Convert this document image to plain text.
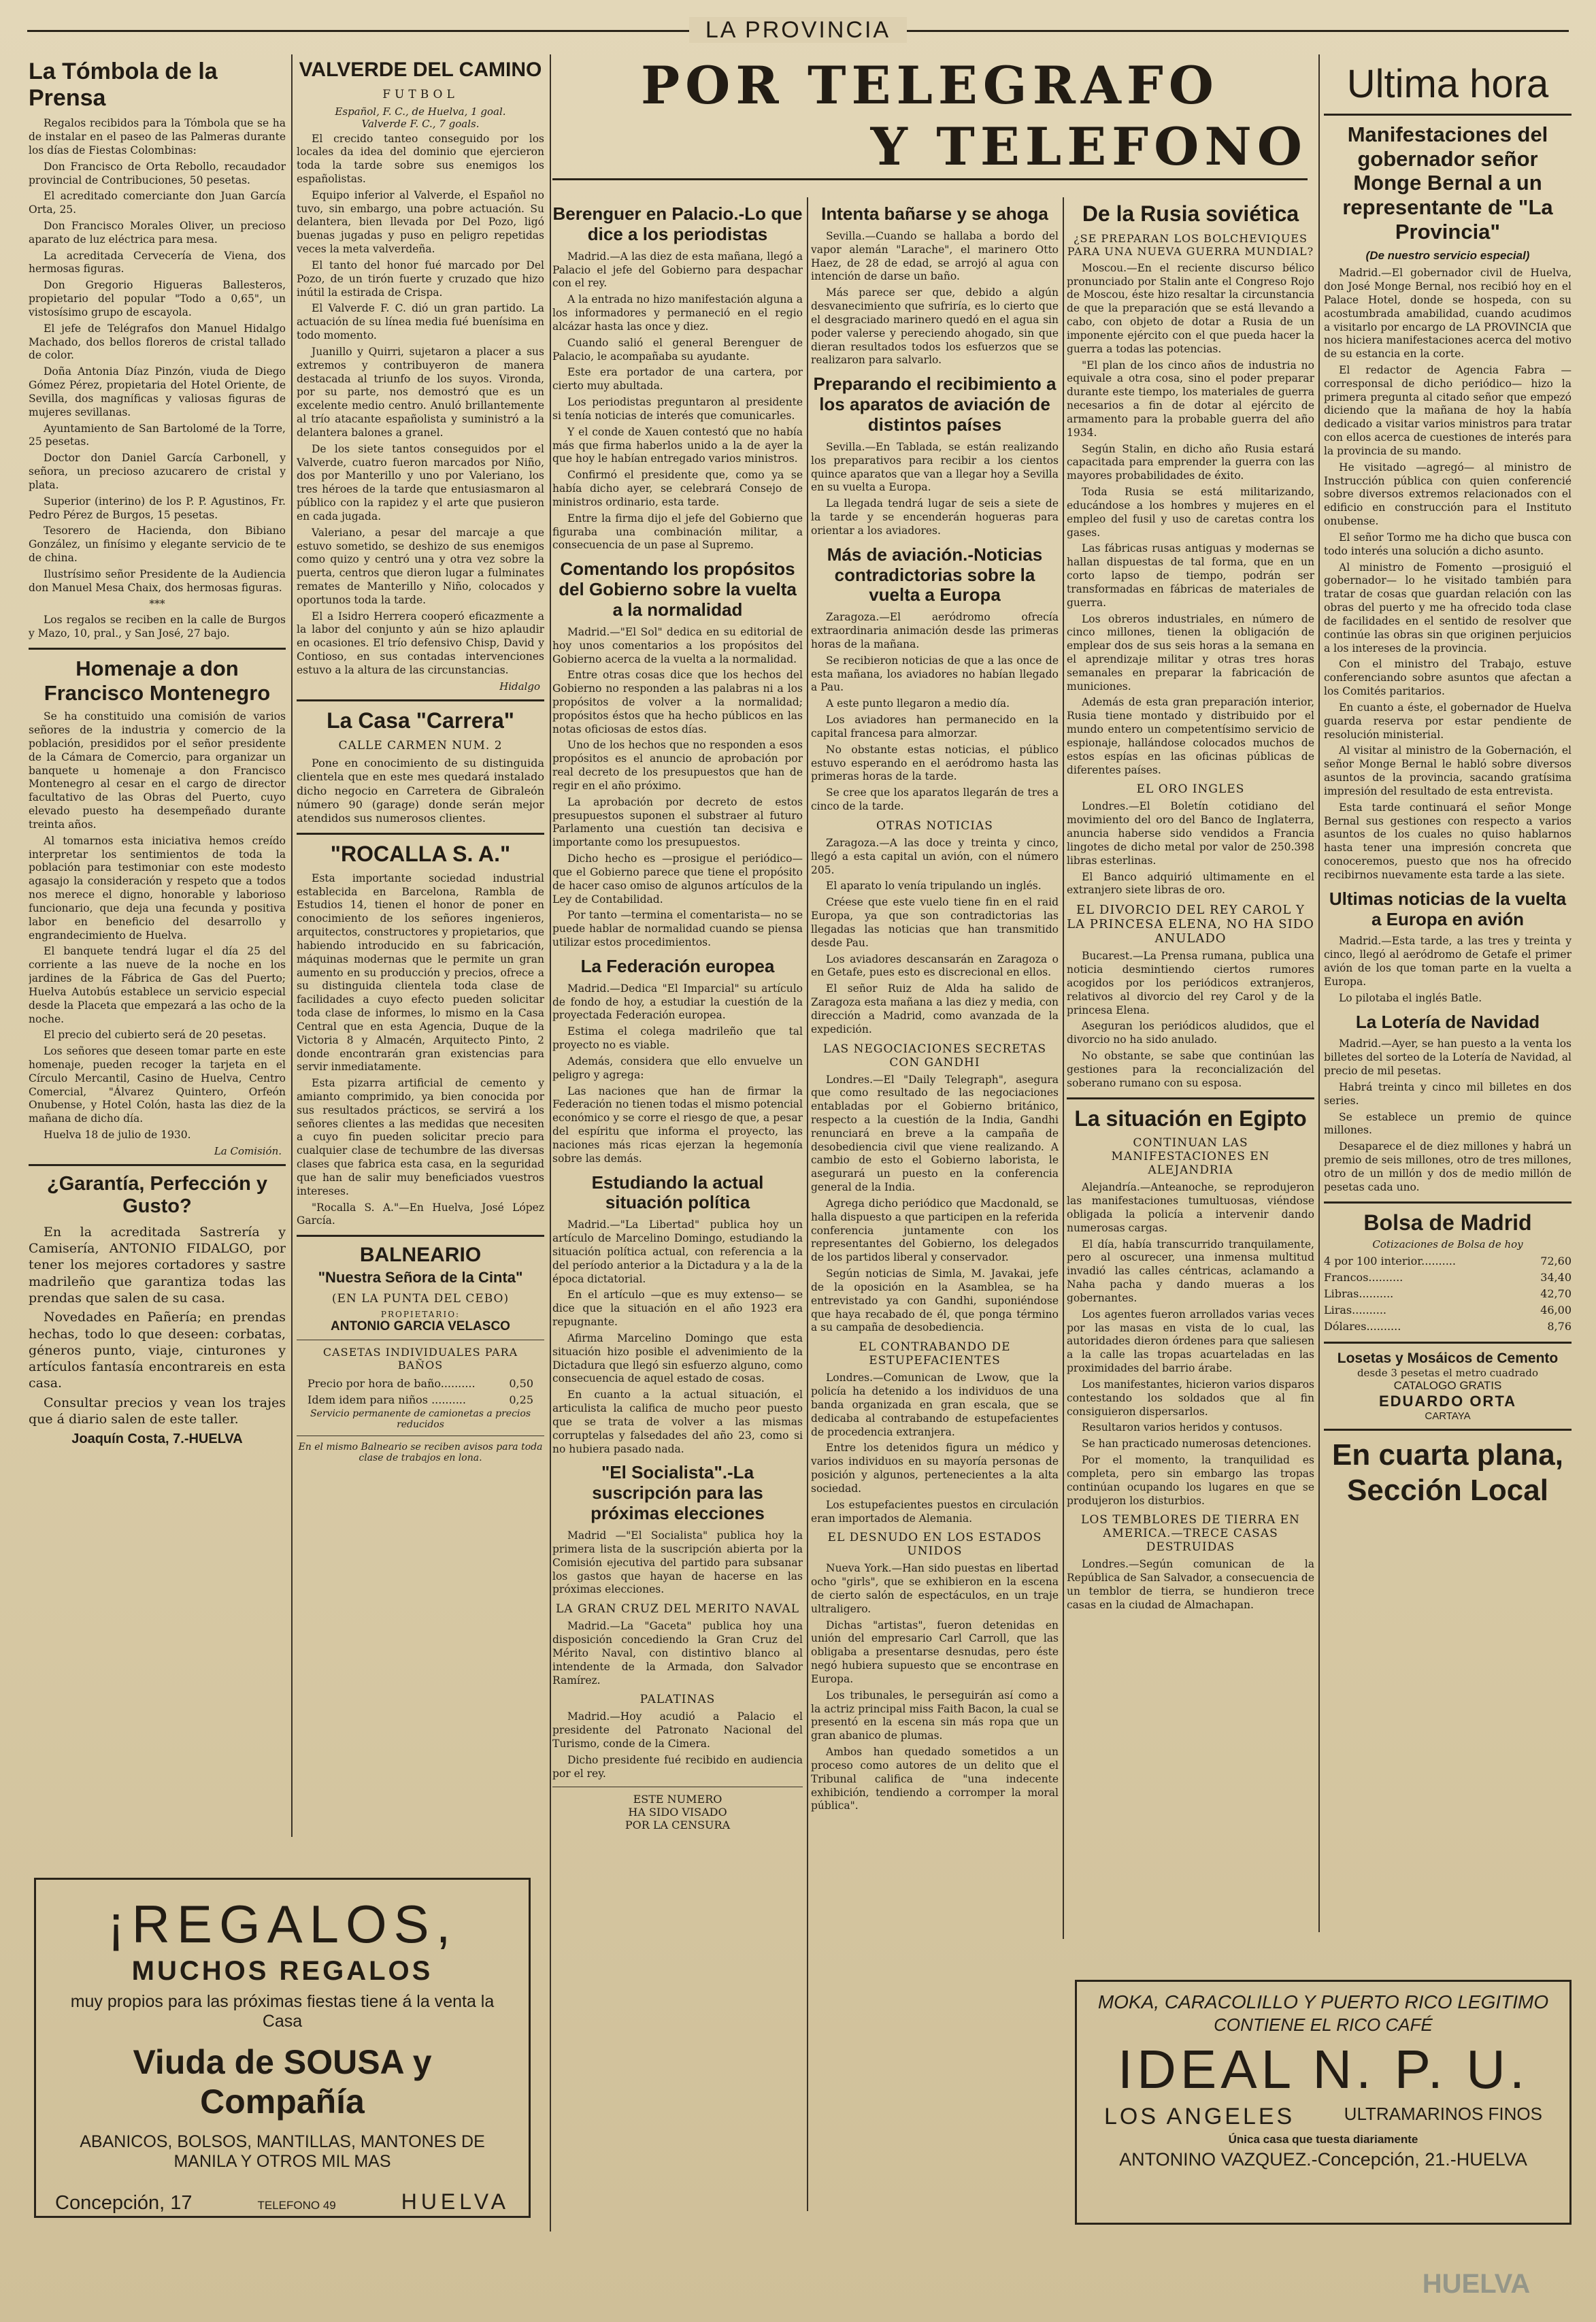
LA PROVINCIA
La Tómbola de la Prensa

Regalos recibidos para la Tómbola que se ha de instalar en el paseo de las Palmeras durante los días de Fiestas Colombinas:

Don Francisco de Orta Rebollo, recaudador provincial de Contribuciones, 50 pesetas.

El acreditado comerciante don Juan García Orta, 25.

Don Francisco Morales Oliver, un precioso aparato de luz eléctrica para mesa.

La acreditada Cervecería de Viena, dos hermosas figuras.

Don Gregorio Higueras Ballesteros, propietario del popular "Todo a 0,65", un vistosísimo grupo de escayola.

El jefe de Telégrafos don Manuel Hidalgo Machado, dos bellos floreros de cristal tallado de color.

Doña Antonia Díaz Pinzón, viuda de Diego Gómez Pérez, propietaria del Hotel Oriente, de Sevilla, dos magníficas y valiosas figuras de mujeres sevillanas.

Ayuntamiento de San Bartolomé de la Torre, 25 pesetas.

Doctor don Daniel García Carbonell, y señora, un precioso azucarero de cristal y plata.

Superior (interino) de los P. P. Agustinos, Fr. Pedro Pérez de Burgos, 15 pesetas.

Tesorero de Hacienda, don Bibiano González, un finísimo y elegante servicio de te de china.

Ilustrísimo señor Presidente de la Audiencia don Manuel Mesa Chaix, dos hermosas figuras.

***

Los regalos se reciben en la calle de Burgos y Mazo, 10, pral., y San José, 27 bajo.

Homenaje a don Francisco Montenegro

Se ha constituido una comisión de varios señores de la industria y comercio de la población, presididos por el señor presidente de la Cámara de Comercio, para organizar un banquete u homenaje a don Francisco Montenegro al cesar en el cargo de director facultativo de las Obras del Puerto, cuyo elevado puesto ha desempeñado durante treinta años.

Al tomarnos esta iniciativa hemos creído interpretar los sentimientos de toda la población para testimoniar con este modesto agasajo la consideración y respeto que a todos nos merece el digno, honorable y laborioso funcionario, que deja una fecunda y positiva labor en beneficio del desarrollo y engrandecimiento de Huelva.

El banquete tendrá lugar el día 25 del corriente a las nueve de la noche en los jardines de la Fábrica de Gas del Puerto; Huelva Autobús establece un servicio especial desde la Placeta que empezará a las ocho de la noche.

El precio del cubierto será de 20 pesetas.

Los señores que deseen tomar parte en este homenaje, pueden recoger la tarjeta en el Círculo Mercantil, Casino de Huelva, Centro Comercial, "Álvarez Quintero, Orfeón Onubense, y Hotel Colón, hasta las diez de la mañana de dicho día.

Huelva 18 de julio de 1930.

La Comisión.
¿Garantía, Perfección y Gusto?

En la acreditada Sastrería y Camisería, ANTONIO FIDALGO, por tener los mejores cortadores y sastre madrileño que garantiza todas las prendas que salen de su casa.

Novedades en Pañería; en prendas hechas, todo lo que deseen: corbatas, géneros punto, viaje, cinturones y artículos fantasía encontrareis en esta casa.

Consultar precios y vean los trajes que á diario salen de este taller.

Joaquín Costa, 7.-HUELVA
VALVERDE DEL CAMINO
FUTBOL
Español, F. C., de Huelva, 1 goal.
Valverde F. C., 7 goals.

El crecido tanteo conseguido por los locales da idea del dominio que ejercieron toda la tarde sobre sus enemigos los españolistas.

Equipo inferior al Valverde, el Español no tuvo, sin embargo, una pobre actuación. Su delantera, bien llevada por Del Pozo, ligó buenas jugadas y puso en peligro repetidas veces la meta valverdeña.

El tanto del honor fué marcado por Del Pozo, de un tirón fuerte y cruzado que hizo inútil la estirada de Crispa.

El Valverde F. C. dió un gran partido. La actuación de su línea media fué buenísima en todo momento.

Juanillo y Quirri, sujetaron a placer a sus extremos y contribuyeron de manera destacada al triunfo de los suyos. Vironda, por su parte, nos demostró que es un excelente medio centro. Anuló brillantemente al trío atacante españolista y suministró a la delantera balones a granel.

De los siete tantos conseguidos por el Valverde, cuatro fueron marcados por Niño, dos por Manterillo y uno por Valeriano, los tres héroes de la tarde que entusiasmaron al público con la rapidez y el arte que pusieron en cada jugada.

Valeriano, a pesar del marcaje a que estuvo sometido, se deshizo de sus enemigos como quizo y centró una y otra vez sobre la puerta, centros que dieron lugar a fulminates remates de Manterillo y Niño, colocados y oportunos toda la tarde.

El a Isidro Herrera cooperó eficazmente a la labor del conjunto y aún se hizo aplaudir en ocasiones. El trío defensivo Chisp, David y Contioso, en sus contadas intervenciones estuvo a la altura de las circunstancias.

Hidalgo
La Casa "Carrera"
CALLE CARMEN NUM. 2

Pone en conocimiento de su distinguida clientela que en este mes quedará instalado dicho negocio en Carretera de Gibraleón número 90 (garage) donde serán mejor atendidos sus numerosos clientes.

"ROCALLA S. A."

Esta importante sociedad industrial establecida en Barcelona, Rambla de Estudios 14, tienen el honor de poner en conocimiento de los señores ingenieros, arquitectos, constructores y propietarios, que habiendo introducido en su fabricación, máquinas modernas que le permite un gran aumento en su producción y precios, ofrece a su distinguida clientela toda clase de facilidades a cuyo efecto pueden solicitar toda clase de informes, lo mismo en la Casa Central que en esta Agencia, Duque de la Victoria 8 y Almacén, Arquitecto Pinto, 2 donde encontrarán gran existencias para servir inmediatamente.

Esta pizarra artificial de cemento y amianto comprimido, ya bien conocida por sus resultados prácticos, se servirá a los señores clientes a las medidas que necesiten a cuyo fin pueden solicitar precio para cualquier clase de techumbre de las diversas clases que fabrica esta casa, en la seguridad que han de salir muy beneficiados vuestros intereses.

"Rocalla S. A."—En Huelva, José López García.

BALNEARIO
"Nuestra Señora de la Cinta"
(EN LA PUNTA DEL CEBO)
PROPIETARIO:
ANTONIO GARCIA VELASCO
CASETAS INDIVIDUALES PARA BAÑOS
Precio por hora de baño..........	0,50
Idem idem para niños ..........	0,25
Servicio permanente de camionetas a precios reducidos
En el mismo Balneario se reciben avisos para toda clase de trabajos en lona.
¡REGALOS,
MUCHOS REGALOS
muy propios para las próximas fiestas tiene á la venta la Casa
Viuda de SOUSA y Compañía
ABANICOS, BOLSOS, MANTILLAS, MANTONES DE MANILA Y OTROS MIL MAS
Concepción, 17	TELEFONO 49	HUELVA
POR TELEGRAFO
Y TELEFONO
Berenguer en Palacio.-Lo que dice a los periodistas

Madrid.—A las diez de esta mañana, llegó a Palacio el jefe del Gobierno para despachar con el rey.

A la entrada no hizo manifestación alguna a los informadores y permaneció en el regio alcázar hasta las once y diez.

Cuando salió el general Berenguer de Palacio, le acompañaba su ayudante.

Este era portador de una cartera, por cierto muy abultada.

Los periodistas preguntaron al presidente si tenía noticias de interés que comunicarles.

Y el conde de Xauen contestó que no había más que firma haberlos unido a la de ayer la que hoy le habían entregado varios ministros.

Confirmó el presidente que, como ya se había dicho ayer, se celebrará Consejo de ministros ordinario, esta tarde.

Entre la firma dijo el jefe del Gobierno que figuraba una combinación militar, a consecuencia de un pase al Supremo.

Comentando los propósitos del Gobierno sobre la vuelta a la normalidad

Madrid.—"El Sol" dedica en su editorial de hoy unos comentarios a los propósitos del Gobierno acerca de la vuelta a la normalidad.

Entre otras cosas dice que los hechos del Gobierno no responden a las palabras ni a los propósitos de volver a la normalidad; propósitos éstos que ha hecho públicos en las notas oficiosas de estos días.

Uno de los hechos que no responden a esos propósitos es el anuncio de aprobación por real decreto de los presupuestos que han de regir en el año próximo.

La aprobación por decreto de estos presupuestos suponen el substraer al futuro Parlamento una cuestión tan decisiva e importante como los presupuestos.

Dicho hecho es —prosigue el periódico— que el Gobierno parece que tiene el propósito de hacer caso omiso de algunos artículos de la Ley de Contabilidad.

Por tanto —termina el comentarista— no se puede hablar de normalidad cuando se piensa utilizar estos procedimientos.

La Federación europea

Madrid.—Dedica "El Imparcial" su artículo de fondo de hoy, a estudiar la cuestión de la proyectada Federación europea.

Estima el colega madrileño que tal proyecto no es viable.

Además, considera que ello envuelve un peligro y agrega:

Las naciones que han de firmar la Federación no tienen todas el mismo potencial económico y se corre el riesgo de que, a pesar del espíritu que informa el proyecto, las naciones más ricas ejerzan la hegemonía sobre las demás.

Estudiando la actual situación política

Madrid.—"La Libertad" publica hoy un artículo de Marcelino Domingo, estudiando la situación política actual, con referencia a la del período anterior a la Dictadura y a la de la época dictatorial.

En el artículo —que es muy extenso— se dice que la situación en el año 1923 era repugnante.

Afirma Marcelino Domingo que esta situación hizo posible el advenimiento de la Dictadura que llegó sin esfuerzo alguno, como consecuencia de aquel estado de cosas.

En cuanto a la actual situación, el articulista la califica de mucho peor puesto que se trata de volver a las mismas corruptelas y falsedades del año 23, como si no hubiera pasado nada.

"El Socialista".-La suscripción para las próximas elecciones

Madrid —"El Socialista" publica hoy la primera lista de la suscripción abierta por la Comisión ejecutiva del partido para subsanar los gastos que hayan de hacerse en las próximas elecciones.

LA GRAN CRUZ DEL MERITO NAVAL

Madrid.—La "Gaceta" publica hoy una disposición concediendo la Gran Cruz del Mérito Naval, con distintivo blanco al intendente de la Armada, don Salvador Ramírez.

PALATINAS

Madrid.—Hoy acudió a Palacio el presidente del Patronato Nacional del Turismo, conde de la Cimera.

Dicho presidente fué recibido en audiencia por el rey.

ESTE NUMERO
HA SIDO VISADO
POR LA CENSURA
Intenta bañarse y se ahoga

Sevilla.—Cuando se hallaba a bordo del vapor alemán "Larache", el marinero Otto Haez, de 28 de edad, se arrojó al agua con intención de darse un baño.

Más parece ser que, debido a algún desvanecimiento que sufriría, es lo cierto que el desgraciado marinero quedó en el agua sin poder valerse y pereciendo ahogado, sin que dieran resultados todos los esfuerzos que se realizaron para salvarlo.

Preparando el recibimiento a los aparatos de aviación de distintos países

Sevilla.—En Tablada, se están realizando los preparativos para recibir a los cientos quince aparatos que van a llegar hoy a Sevilla en su vuelta a Europa.

La llegada tendrá lugar de seis a siete de la tarde y se encenderán hogueras para orientar a los aviadores.

Más de aviación.-Noticias contradictorias sobre la vuelta a Europa

Zaragoza.—El aeródromo ofrecía extraordinaria animación desde las primeras horas de la mañana.

Se recibieron noticias de que a las once de esta mañana, los aviadores no habían llegado a Pau.

A este punto llegaron a medio día.

Los aviadores han permanecido en la capital francesa para almorzar.

No obstante estas noticias, el público estuvo esperando en el aeródromo hasta las primeras horas de la tarde.

Se cree que los aparatos llegarán de tres a cinco de la tarde.

OTRAS NOTICIAS

Zaragoza.—A las doce y treinta y cinco, llegó a esta capital un avión, con el número 205.

El aparato lo venía tripulando un inglés.

Créese que este vuelo tiene fin en el raid Europa, ya que son contradictorias las llegadas las noticias que han transmitido desde Pau.

Los aviadores descansarán en Zaragoza o en Getafe, pues esto es discrecional en ellos.

El señor Ruiz de Alda ha salido de Zaragoza esta mañana a las diez y media, con dirección a Madrid, como avanzada de la expedición.

LAS NEGOCIACIONES SECRETAS CON GANDHI

Londres.—El "Daily Telegraph", asegura que como resultado de las negociaciones entabladas por el Gobierno británico, respecto a la cuestión de la India, Gandhi renunciará en breve a la campaña de desobediencia civil que viene realizando. A cambio de esto el Gobierno laborista, le asegurará un puesto en la conferencia general de la India.

Agrega dicho periódico que Macdonald, se halla dispuesto a que participen en la referida conferencia juntamente con los representantes del Gobierno, los delegados de los partidos liberal y conservador.

Según noticias de Simla, M. Javakai, jefe de la oposición en la Asamblea, se ha entrevistado ya con Gandhi, suponiéndose que haya recabado de él, que ponga término a su campaña de desobediencia.

EL CONTRABANDO DE ESTUPEFACIENTES

Londres.—Comunican de Lwow, que la policía ha detenido a los individuos de una banda organizada en gran escala, que se dedicaba al contrabando de estupefacientes de procedencia extranjera.

Entre los detenidos figura un médico y varios individuos en su mayoría personas de posición y algunos, pertenecientes a la alta sociedad.

Los estupefacientes puestos en circulación eran importados de Alemania.

EL DESNUDO EN LOS ESTADOS UNIDOS

Nueva York.—Han sido puestas en libertad ocho "girls", que se exhibieron en la escena de cierto salón de espectáculos, en un traje ultraligero.

Dichas "artistas", fueron detenidas en unión del empresario Carl Carroll, que las obligaba a presentarse desnudas, pero éste negó hubiera supuesto que se encontrase en Europa.

Los tribunales, le perseguirán así como a la actriz principal miss Faith Bacon, la cual se presentó en la escena sin más ropa que un gran abanico de plumas.

Ambos han quedado sometidos a un proceso como autores de un delito que el Tribunal califica de "una indecente exhibición, tendiendo a corromper la moral pública".

De la Rusia soviética
¿SE PREPARAN LOS BOLCHEVIQUES PARA UNA NUEVA GUERRA MUNDIAL?

Moscou.—En el reciente discurso bélico pronunciado por Stalin ante el Congreso Rojo de Moscou, éste hizo resaltar la circunstancia de que la preparación que se está llevando a cabo, con objeto de dotar a Rusia de un imponente ejército con el que pueda hacer la guerra a todas las potencias.

"El plan de los cinco años de industria no equivale a otra cosa, sino el poder preparar durante este tiempo, los materiales de guerra necesarios a fin de dotar al ejército de armamento para la probable guerra del año 1934.

Según Stalin, en dicho año Rusia estará capacitada para emprender la guerra con las mayores probabilidades de éxito.

Toda Rusia se está militarizando, educándose a los hombres y mujeres en el empleo del fusil y uso de caretas contra los gases.

Las fábricas rusas antiguas y modernas se hallan dispuestas de tal forma, que en un corto lapso de tiempo, podrán ser transformadas en fábricas de materiales de guerra.

Los obreros industriales, en número de cinco millones, tienen la obligación de emplear dos de sus seis horas a la semana en el aprendizaje militar y otras tres horas semanales en preparar la fabricación de municiones.

Además de esta gran preparación interior, Rusia tiene montado y distribuido por el mundo entero un competentísimo servicio de espionaje, hallándose colocados muchos de estos espías en las oficinas públicas de diferentes países.

EL ORO INGLES

Londres.—El Boletín cotidiano del movimiento del oro del Banco de Inglaterra, anuncia haberse sido vendidos a Francia lingotes de dicho metal por valor de 250.398 libras esterlinas.

El Banco adquirió ultimamente en el extranjero siete libras de oro.

EL DIVORCIO DEL REY CAROL Y LA PRINCESA ELENA, NO HA SIDO ANULADO

Bucarest.—La Prensa rumana, publica una noticia desmintiendo ciertos rumores acogidos por los periódicos extranjeros, relativos al divorcio del rey Carol y de la princesa Elena.

Aseguran los periódicos aludidos, que el divorcio no ha sido anulado.

No obstante, se sabe que continúan las gestiones para la reconcialización del soberano rumano con su esposa.

La situación en Egipto
CONTINUAN LAS MANIFESTACIONES EN ALEJANDRIA

Alejandría.—Anteanoche, se reprodujeron las manifestaciones tumultuosas, viéndose obligada la policía a intervenir dando numerosas cargas.

El día, había transcurrido tranquilamente, pero al oscurecer, una inmensa multitud invadió las calles céntricas, aclamando a Naha pacha y dando mueras a los gobernantes.

Los agentes fueron arrollados varias veces por las masas en vista de lo cual, las autoridades dieron órdenes para que saliesen a la calle las tropas acuarteladas en las proximidades del barrio árabe.

Los manifestantes, hicieron varios disparos contestando los soldados que al fin consiguieron dispersarlos.

Resultaron varios heridos y contusos.

Se han practicado numerosas detenciones.

Por el momento, la tranquilidad es completa, pero sin embargo las tropas continúan ocupando los lugares en que se produjeron los disturbios.

LOS TEMBLORES DE TIERRA EN AMERICA.—TRECE CASAS DESTRUIDAS

Londres.—Según comunican de la República de San Salvador, a consecuencia de un temblor de tierra, se hundieron trece casas en la ciudad de Almachapan.

Ultima hora
Manifestaciones del gobernador señor Monge Bernal a un representante de "La Provincia"
(De nuestro servicio especial)

Madrid.—El gobernador civil de Huelva, don José Monge Bernal, nos recibió hoy en el Palace Hotel, donde se hospeda, con su acostumbrada amabilidad, cuando acudimos a visitarlo por encargo de LA PROVINCIA que nos hiciera manifestaciones acerca del motivo de su estancia en la corte.

El redactor de Agencia Fabra —corresponsal de dicho periódico— hizo la primera pregunta al citado señor que empezó diciendo que la mañana de hoy la había dedicado a visitar varios ministros para tratar con ellos acerca de cuestiones de interés para la provincia de su mando.

He visitado —agregó— al ministro de Instrucción pública con quien conferencié sobre diversos extremos relacionados con el edificio en construcción para el Instituto onubense.

El señor Tormo me ha dicho que busca con todo interés una solución a dicho asunto.

Al ministro de Fomento —prosiguió el gobernador— lo he visitado también para tratar de cosas que guardan relación con las obras del puerto y me ha ofrecido toda clase de facilidades en el sentido de resolver que continúe las obras sin que originen perjuicios a los intereses de la provincia.

Con el ministro del Trabajo, estuve conferenciando sobre asuntos que afectan a los Comités paritarios.

En cuanto a éste, el gobernador de Huelva guarda reserva por estar pendiente de resolución ministerial.

Al visitar al ministro de la Gobernación, el señor Monge Bernal le habló sobre diversos asuntos de la provincia, sacando gratísima impresión del resultado de esta entrevista.

Esta tarde continuará el señor Monge Bernal sus gestiones con respecto a varios asuntos de los cuales no quiso hablarnos hasta tener una impresión concreta que conoceremos, puesto que nos ha ofrecido recibirnos nuevamente esta tarde a las siete.

Ultimas noticias de la vuelta a Europa en avión

Madrid.—Esta tarde, a las tres y treinta y cinco, llegó al aeródromo de Getafe el primer avión de los que toman parte en la vuelta a Europa.

Lo pilotaba el inglés Batle.

La Lotería de Navidad

Madrid.—Ayer, se han puesto a la venta los billetes del sorteo de la Lotería de Navidad, al precio de mil pesetas.

Habrá treinta y cinco mil billetes en dos series.

Se establece un premio de quince millones.

Desaparece el de diez millones y habrá un premio de seis millones, otro de tres millones, otro de un millón y dos de medio millón de pesetas cada uno.

Bolsa de Madrid
Cotizaciones de Bolsa de hoy
4 por 100 interior..........	72,60
Francos..........	34,40
Libras..........	42,70
Liras..........	46,00
Dólares..........	8,76
Losetas y Mosáicos de Cemento
desde 3 pesetas el metro cuadrado
CATALOGO GRATIS
EDUARDO ORTA
CARTAYA
En cuarta plana, Sección Local
MOKA, CARACOLILLO Y PUERTO RICO LEGITIMO
CONTIENE EL RICO CAFÉ
IDEAL N. P. U.
LOS ANGELES	ULTRAMARINOS FINOS
Única casa que tuesta diariamente
ANTONINO VAZQUEZ.-Concepción, 21.-HUELVA
HUELVA
